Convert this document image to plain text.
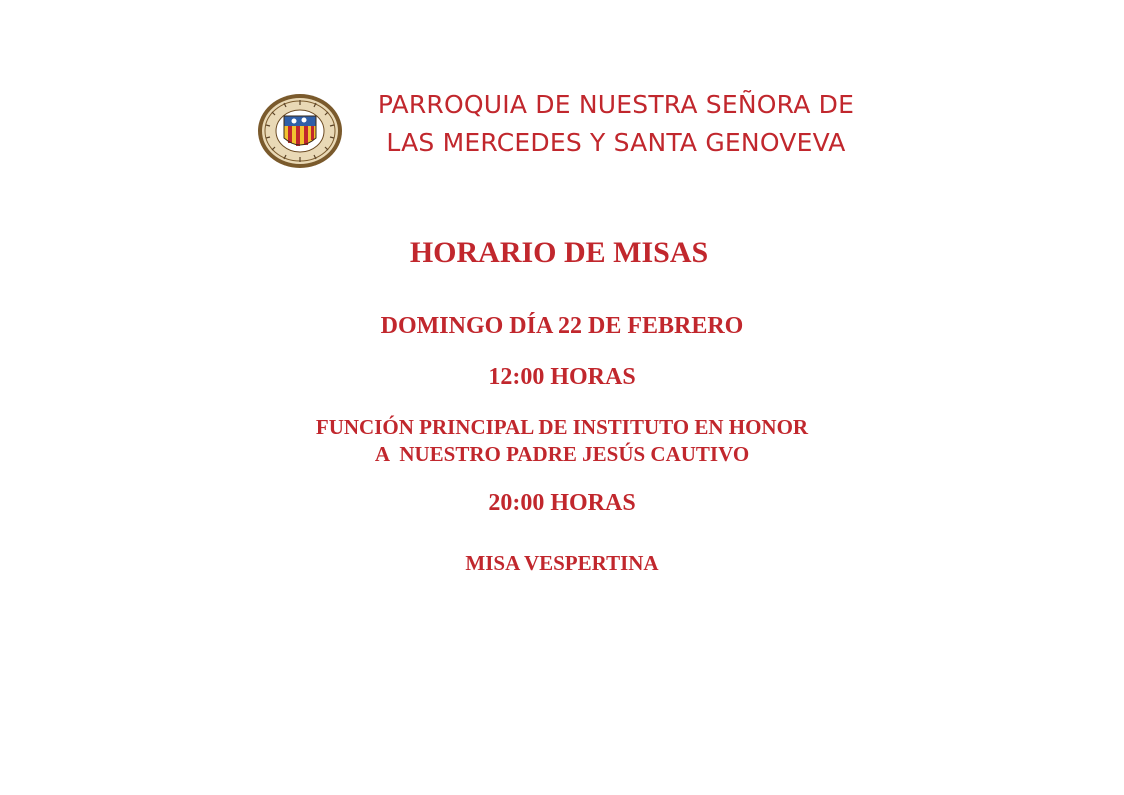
PARROQUIA DE NUESTRA SEÑORA DE
LAS MERCEDES Y SANTA GENOVEVA
HORARIO DE MISAS
DOMINGO DÍA 22 DE FEBRERO
12:00 HORAS
FUNCIÓN PRINCIPAL DE INSTITUTO EN HONOR
A  NUESTRO PADRE JESÚS CAUTIVO
20:00 HORAS
MISA VESPERTINA
